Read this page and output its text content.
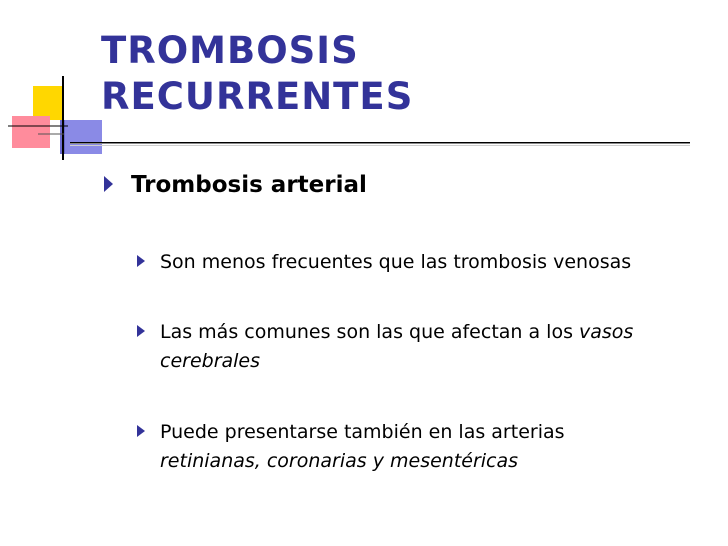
TROMBOSIS
RECURRENTES
Trombosis arterial
Son menos frecuentes que las trombosis venosas
Las más comunes son las que afectan a los vasos
cerebrales
Puede presentarse también en las arterias
retinianas, coronarias y mesentéricas
